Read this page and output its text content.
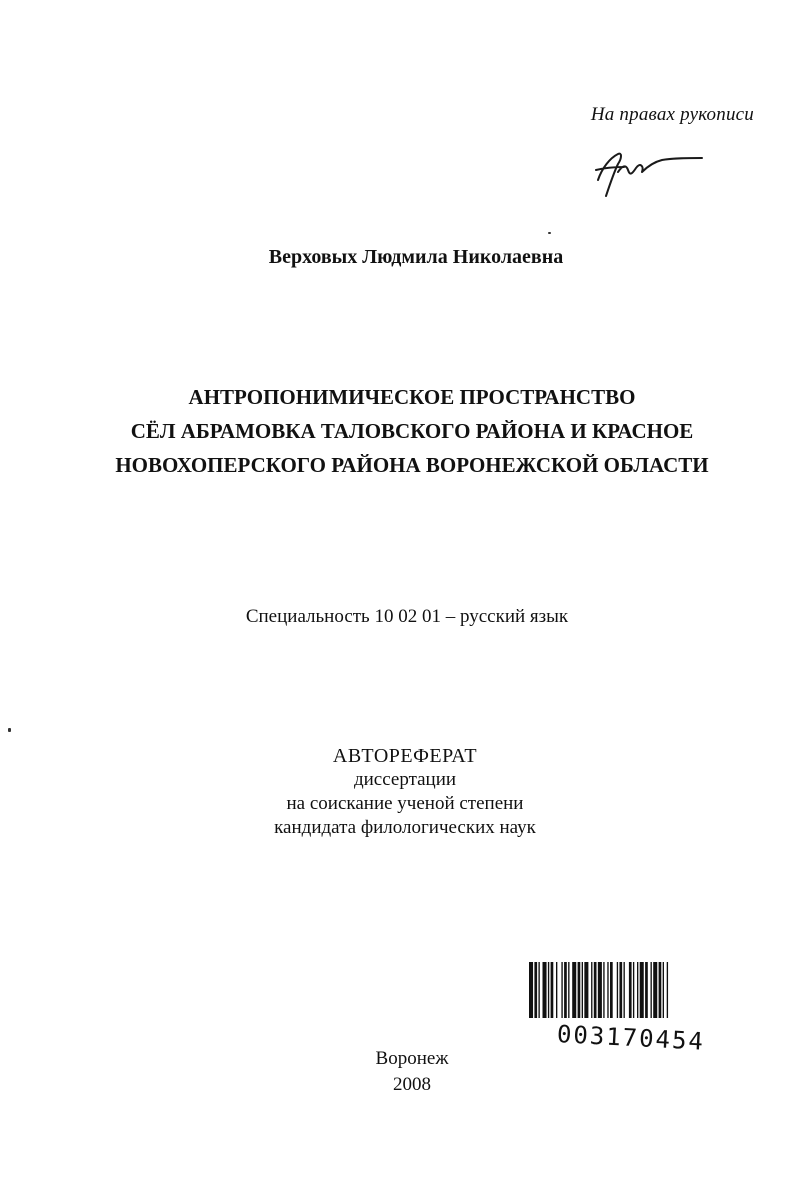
На правах рукописи
Верховых Людмила Николаевна
АНТРОПОНИМИЧЕСКОЕ ПРОСТРАНСТВО
СЁЛ АБРАМОВКА ТАЛОВСКОГО РАЙОНА И КРАСНОЕ
НОВОХОПЕРСКОГО РАЙОНА ВОРОНЕЖСКОЙ ОБЛАСТИ
Специальность 10 02 01 – русский язык
АВТОРЕФЕРАТ
диссертации
на соискание ученой степени
кандидата филологических наук
003170454
Воронеж
2008
